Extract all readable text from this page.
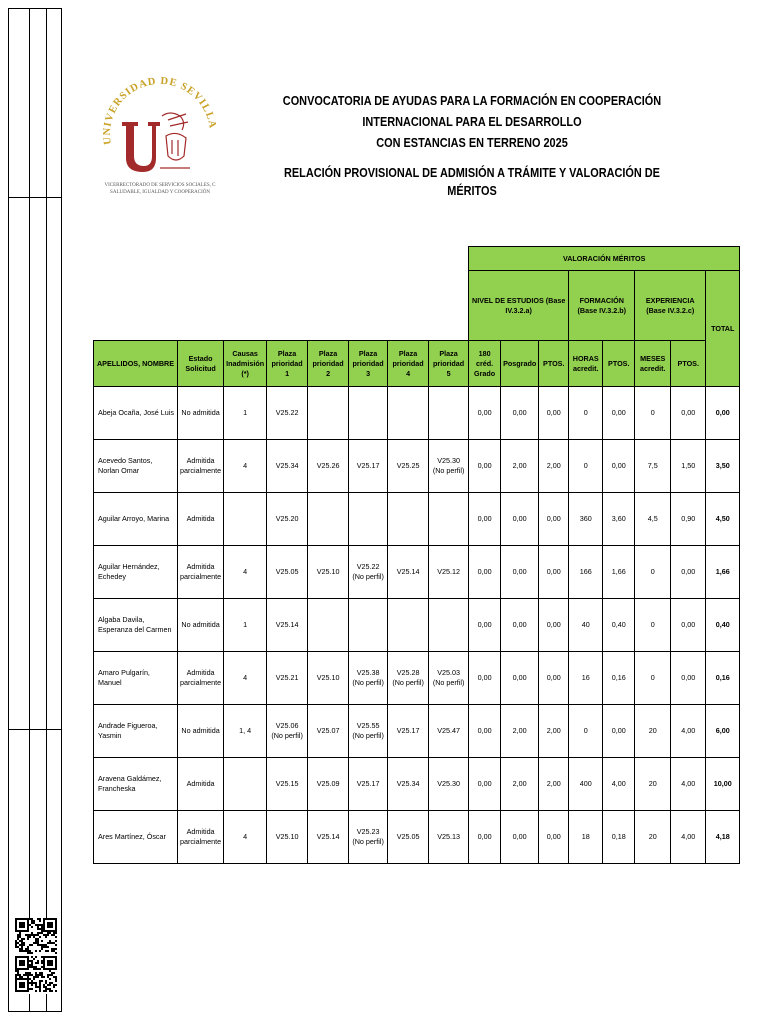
UNIVERSIDAD DE SEVILLA
VICERRECTORADO DE SERVICIOS SOCIALES, C
SALUDABLE, IGUALDAD Y COOPERACIÓN
CONVOCATORIA DE AYUDAS PARA LA FORMACIÓN EN COOPERACIÓN INTERNACIONAL PARA EL DESARROLLO
CON ESTANCIAS EN TERRENO 2025
RELACIÓN PROVISIONAL DE ADMISIÓN A TRÁMITE Y VALORACIÓN DE MÉRITOS
								VALORACIÓN MÉRITOS							
								NIVEL DE ESTUDIOS (Base IV.3.2.a)			FORMACIÓN (Base IV.3.2.b)		EXPERIENCIA (Base IV.3.2.c)		TOTAL
APELLIDOS, NOMBRE	Estado Solicitud	Causas Inadmisión (*)	Plaza prioridad 1	Plaza prioridad 2	Plaza prioridad 3	Plaza prioridad 4	Plaza prioridad 5	180 créd. Grado	Posgrado	PTOS.	HORAS acredit.	PTOS.	MESES acredit.	PTOS.	
Abeja Ocaña, José Luis	No admitida	1	V25.22					0,00	0,00	0,00	0	0,00	0	0,00	0,00
Acevedo Santos, Norlan Omar	Admitida parcialmente	4	V25.34	V25.26	V25.17	V25.25	V25.30 (No perfil)	0,00	2,00	2,00	0	0,00	7,5	1,50	3,50
Aguilar Arroyo, Marina	Admitida		V25.20					0,00	0,00	0,00	360	3,60	4,5	0,90	4,50
Aguilar Hernández, Echedey	Admitida parcialmente	4	V25.05	V25.10	V25.22 (No perfil)	V25.14	V25.12	0,00	0,00	0,00	166	1,66	0	0,00	1,66
Algaba Davila, Esperanza del Carmen	No admitida	1	V25.14					0,00	0,00	0,00	40	0,40	0	0,00	0,40
Amaro Pulgarín, Manuel	Admitida parcialmente	4	V25.21	V25.10	V25.38 (No perfil)	V25.28 (No perfil)	V25.03 (No perfil)	0,00	0,00	0,00	16	0,16	0	0,00	0,16
Andrade Figueroa, Yasmin	No admitida	1, 4	V25.06 (No perfil)	V25.07	V25.55 (No perfil)	V25.17	V25.47	0,00	2,00	2,00	0	0,00	20	4,00	6,00
Aravena Galdámez, Francheska	Admitida		V25.15	V25.09	V25.17	V25.34	V25.30	0,00	2,00	2,00	400	4,00	20	4,00	10,00
Ares Martínez, Óscar	Admitida parcialmente	4	V25.10	V25.14	V25.23 (No perfil)	V25.05	V25.13	0,00	0,00	0,00	18	0,18	20	4,00	4,18
